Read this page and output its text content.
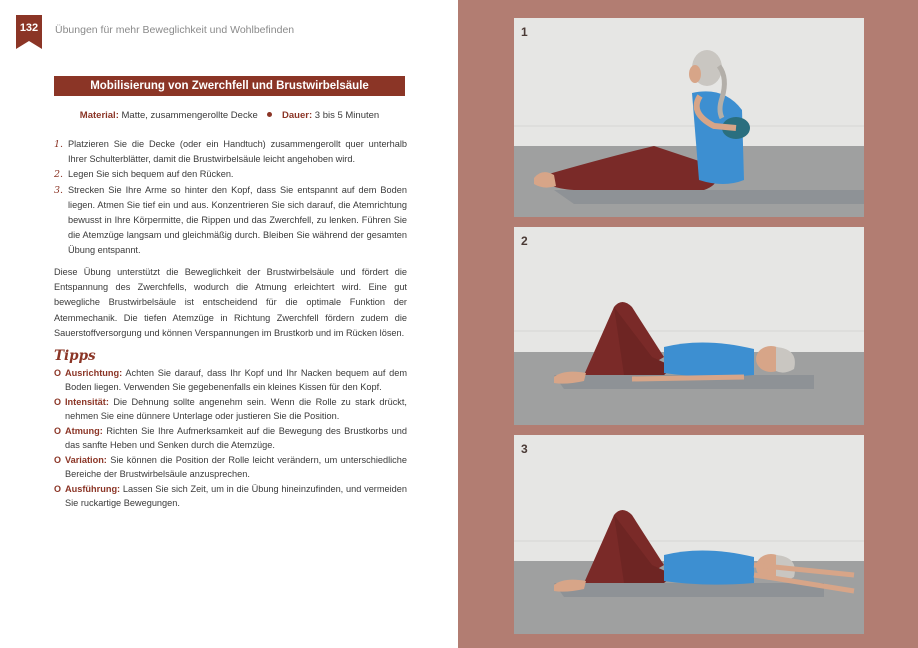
132	Übungen für mehr Beweglichkeit und Wohlbefinden
Mobilisierung von Zwerchfell und Brustwirbelsäule
Material: Matte, zusammengerollte Decke	Dauer: 3 bis 5 Minuten
1. Platzieren Sie die Decke (oder ein Handtuch) zusammengerollt quer unterhalb Ihrer Schulterblätter, damit die Brustwirbelsäule leicht angehoben wird.
2. Legen Sie sich bequem auf den Rücken.
3. Strecken Sie Ihre Arme so hinter den Kopf, dass Sie entspannt auf dem Boden liegen. Atmen Sie tief ein und aus. Konzentrieren Sie sich darauf, die Atemrichtung bewusst in Ihre Körpermitte, die Rippen und das Zwerchfell, zu lenken. Führen Sie die Atemzüge langsam und gleichmäßig durch. Bleiben Sie während der gesamten Übung entspannt.

Diese Übung unterstützt die Beweglichkeit der Brustwirbelsäule und fördert die Entspannung des Zwerchfells, wodurch die Atmung erleichtert wird. Eine gut bewegliche Brustwirbelsäule ist entscheidend für die optimale Funktion der Atemmechanik. Die tiefen Atemzüge in Richtung Zwerchfell fördern zudem die Sauerstoffversorgung und können Verspannungen im Brustkorb und im Rücken lösen.

Tipps
O Ausrichtung: Achten Sie darauf, dass Ihr Kopf und Ihr Nacken bequem auf dem Boden liegen. Verwenden Sie gegebenenfalls ein kleines Kissen für den Kopf.
O Intensität: Die Dehnung sollte angenehm sein. Wenn die Rolle zu stark drückt, nehmen Sie eine dünnere Unterlage oder justieren Sie die Position.
O Atmung: Richten Sie Ihre Aufmerksamkeit auf die Bewegung des Brustkorbs und das sanfte Heben und Senken durch die Atemzüge.
O Variation: Sie können die Position der Rolle leicht verändern, um unterschiedliche Bereiche der Brustwirbelsäule anzusprechen.
O Ausführung: Lassen Sie sich Zeit, um in die Übung hineinzufinden, und vermeiden Sie ruckartige Bewegungen.
1
2
3
